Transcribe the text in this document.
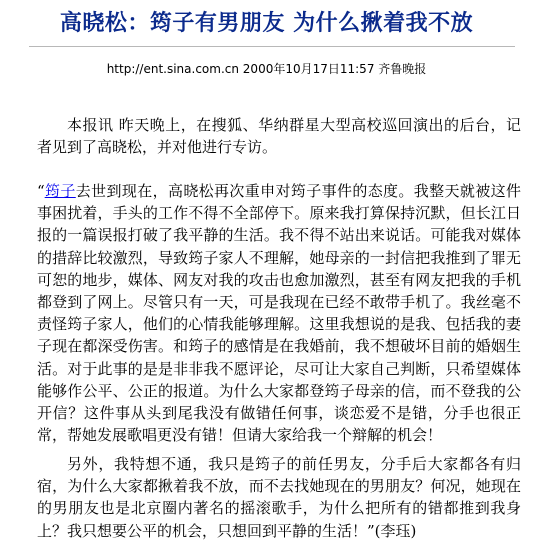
高晓松：筠子有男朋友 为什么揪着我不放
http://ent.sina.com.cn 2000年10月17日11:57 齐鲁晚报
本报讯 昨天晚上，在搜狐、华纳群星大型高校巡回演出的后台，记者见到了高晓松，并对他进行专访。
“筠子去世到现在，高晓松再次重申对筠子事件的态度。我整天就被这件事困扰着，手头的工作不得不全部停下。原来我打算保持沉默，但长江日报的一篇误报打破了我平静的生活。我不得不站出来说话。可能我对媒体的措辞比较激烈，导致筠子家人不理解，她母亲的一封信把我推到了罪无可恕的地步，媒体、网友对我的攻击也愈加激烈，甚至有网友把我的手机都登到了网上。尽管只有一天，可是我现在已经不敢带手机了。我丝毫不责怪筠子家人，他们的心情我能够理解。这里我想说的是我、包括我的妻子现在都深受伤害。和筠子的感情是在我婚前，我不想破坏目前的婚姻生活。对于此事的是是非非我不愿评论，尽可让大家自己判断，只希望媒体能够作公平、公正的报道。为什么大家都登筠子母亲的信，而不登我的公开信？这件事从头到尾我没有做错任何事，谈恋爱不是错，分手也很正常，帮她发展歌唱更没有错！但请大家给我一个辩解的机会！
另外，我特想不通，我只是筠子的前任男友，分手后大家都各有归宿，为什么大家都揪着我不放，而不去找她现在的男朋友？何况，她现在的男朋友也是北京圈内著名的摇滚歌手，为什么把所有的错都推到我身上？我只想要公平的机会，只想回到平静的生活！”(李珏)
